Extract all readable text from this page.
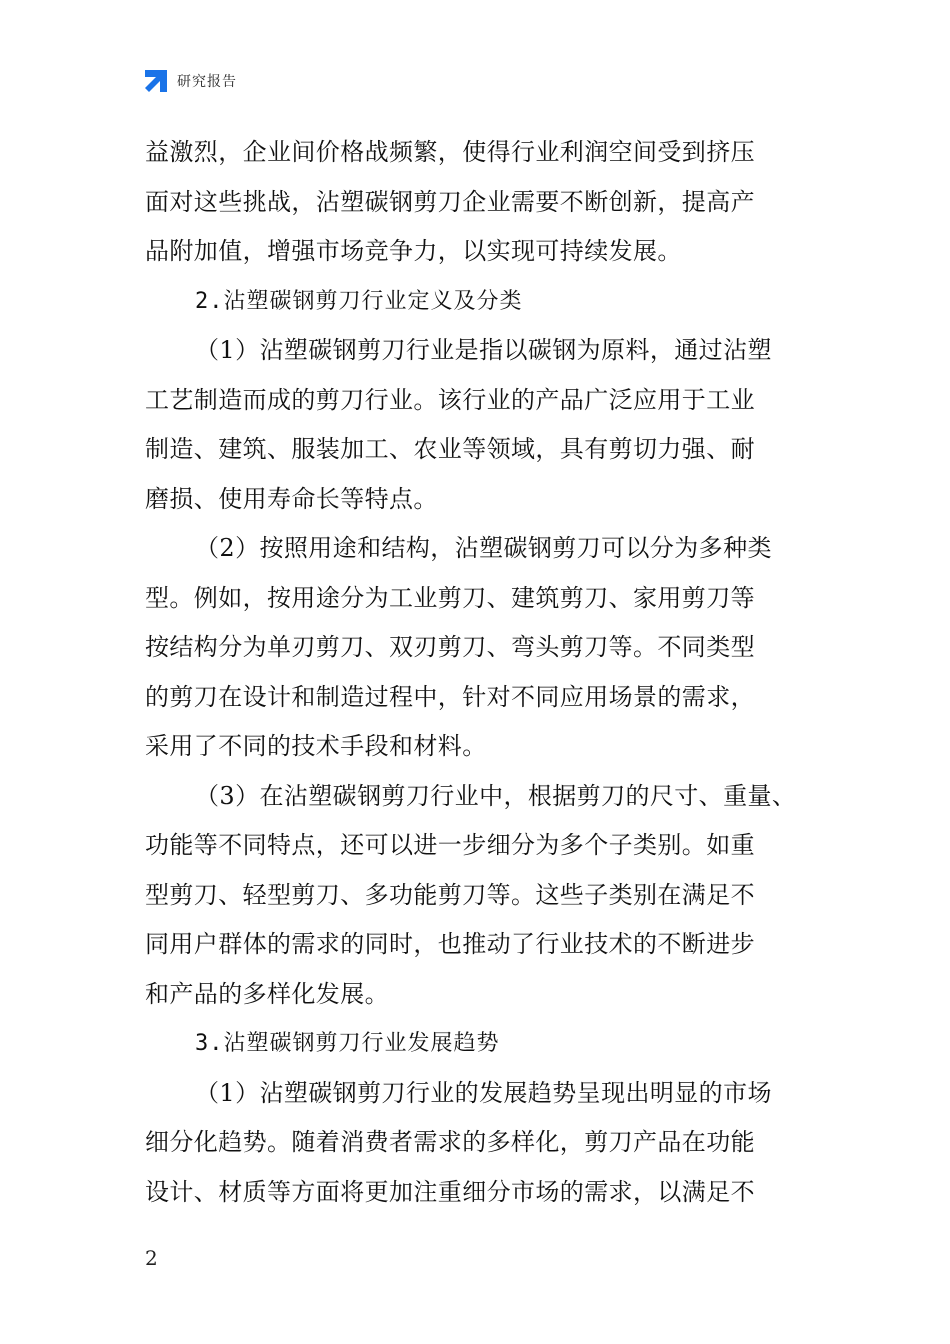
研究报告
益激烈，企业间价格战频繁，使得行业利润空间受到挤压
面对这些挑战，沾塑碳钢剪刀企业需要不断创新，提高产
品附加值，增强市场竞争力，以实现可持续发展。
2.沾塑碳钢剪刀行业定义及分类
（1）沾塑碳钢剪刀行业是指以碳钢为原料，通过沾塑
工艺制造而成的剪刀行业。该行业的产品广泛应用于工业
制造、建筑、服装加工、农业等领域，具有剪切力强、耐
磨损、使用寿命长等特点。
（2）按照用途和结构，沾塑碳钢剪刀可以分为多种类
型。例如，按用途分为工业剪刀、建筑剪刀、家用剪刀等
按结构分为单刃剪刀、双刃剪刀、弯头剪刀等。不同类型
的剪刀在设计和制造过程中，针对不同应用场景的需求，
采用了不同的技术手段和材料。
（3）在沾塑碳钢剪刀行业中，根据剪刀的尺寸、重量、
功能等不同特点，还可以进一步细分为多个子类别。如重
型剪刀、轻型剪刀、多功能剪刀等。这些子类别在满足不
同用户群体的需求的同时，也推动了行业技术的不断进步
和产品的多样化发展。
3.沾塑碳钢剪刀行业发展趋势
（1）沾塑碳钢剪刀行业的发展趋势呈现出明显的市场
细分化趋势。随着消费者需求的多样化，剪刀产品在功能
设计、材质等方面将更加注重细分市场的需求，以满足不
2
